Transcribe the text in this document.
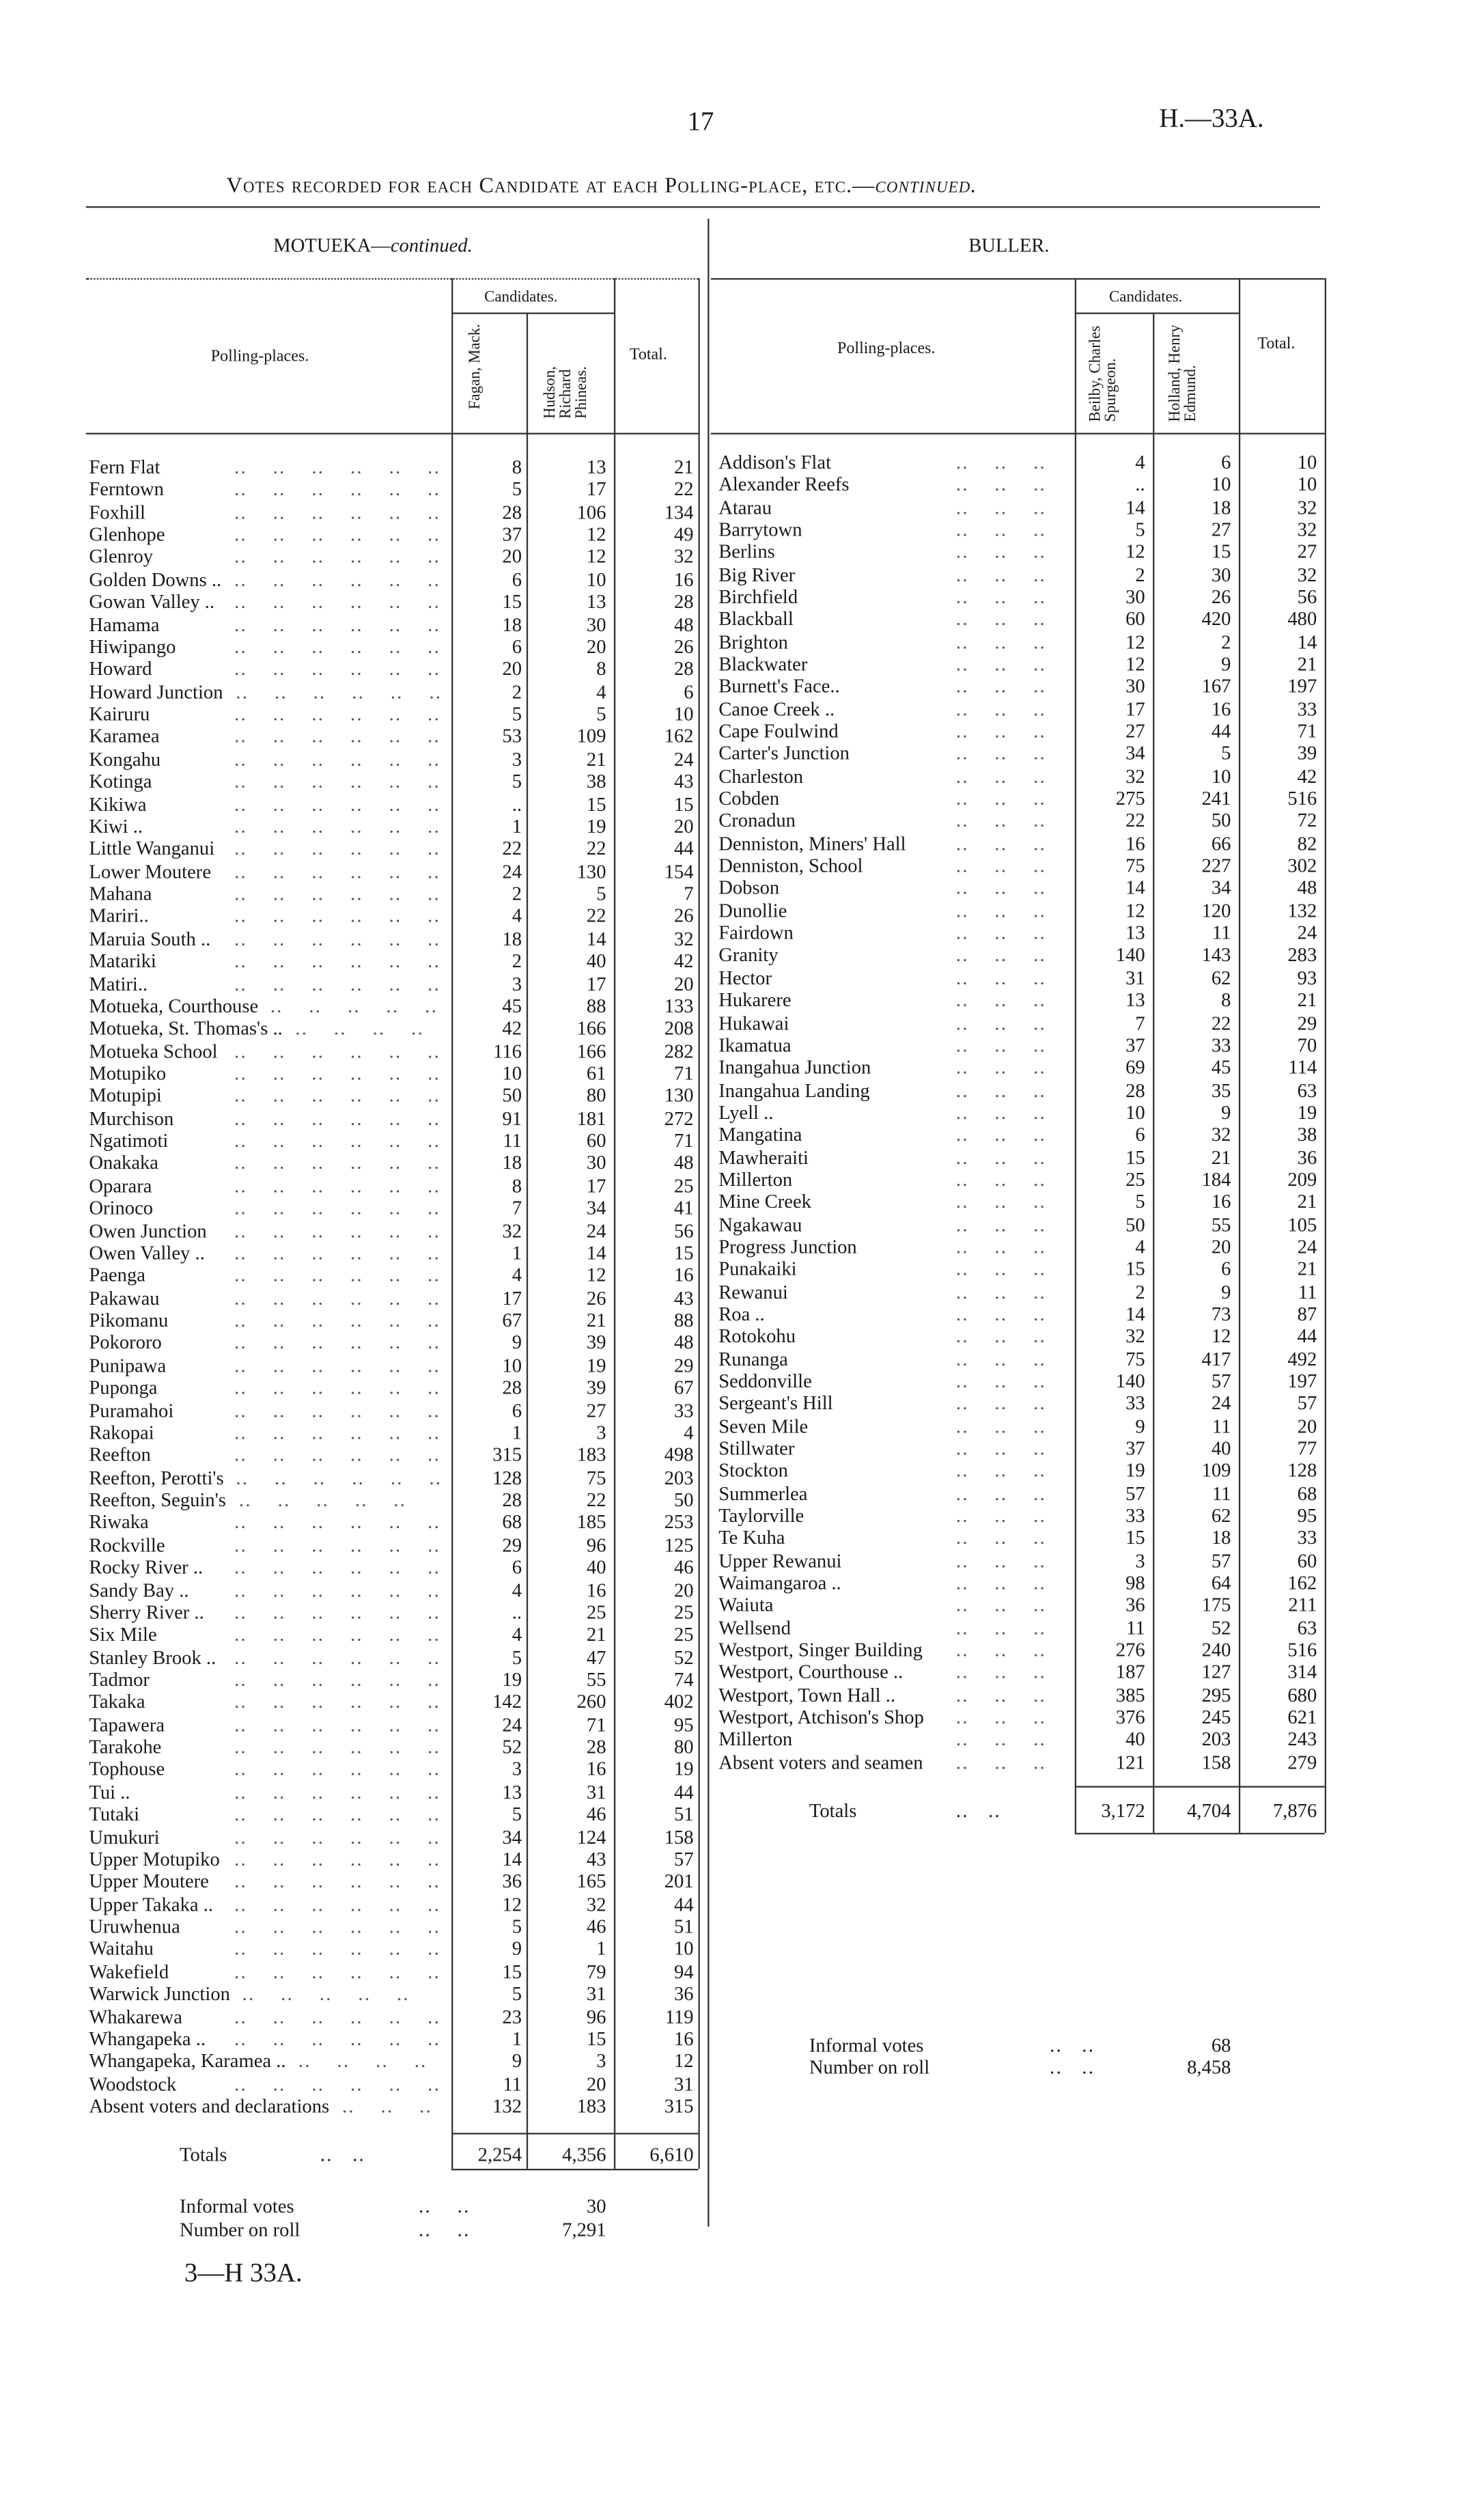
17	H.—33A.
Votes recorded for each Candidate at each Polling-place, etc.—continued.
MOTUEKA—continued.
Polling-places.
Candidates.
Fagan, Mack.	Hudson, Richard Phineas.
Total.
Fern Flat	..    ..    ..    ..    ..    ..	8	13	21
Ferntown	..    ..    ..    ..    ..    ..	5	17	22
Foxhill	..    ..    ..    ..    ..    ..	28	106	134
Glenhope	..    ..    ..    ..    ..    ..	37	12	49
Glenroy	..    ..    ..    ..    ..    ..	20	12	32
Golden Downs .. ..    ..    ..    ..    ..    ..	6	10	16
Gowan Valley .. ..    ..    ..    ..    ..    ..	15	13	28
Hamama	..    ..    ..    ..    ..    ..	18	30	48
Hiwipango	..    ..    ..    ..    ..    ..	6	20	26
Howard	..    ..    ..    ..    ..    ..	20	8	28
Howard Junction ..    ..    ..    ..    ..    ..	2	4	6
Kairuru	..    ..    ..    ..    ..    ..	5	5	10
Karamea	..    ..    ..    ..    ..    ..	53	109	162
Kongahu	..    ..    ..    ..    ..    ..	3	21	24
Kotinga	..    ..    ..    ..    ..    ..	5	38	43
Kikiwa	..    ..    ..    ..    ..    ..	..	15	15
Kiwi ..	..    ..    ..    ..    ..    ..	1	19	20
Little Wanganui ..    ..    ..    ..    ..    ..	22	22	44
Lower Moutere	..    ..    ..    ..    ..    ..	24	130	154
Mahana	..    ..    ..    ..    ..    ..	2	5	7
Mariri..	..    ..    ..    ..    ..    ..	4	22	26
Maruia South ..	..    ..    ..    ..    ..    ..	18	14	32
Matariki	..    ..    ..    ..    ..    ..	2	40	42
Matiri..	..    ..    ..    ..    ..    ..	3	17	20
Motueka, Courthouse ..    ..    ..    ..    ..	45	88	133
Motueka, St. Thomas's .. ..    ..    ..    ..	42	166	208
Motueka School ..    ..    ..    ..    ..    ..	116	166	282
Motupiko	..    ..    ..    ..    ..    ..	10	61	71
Motupipi	..    ..    ..    ..    ..    ..	50	80	130
Murchison	..    ..    ..    ..    ..    ..	91	181	272
Ngatimoti	..    ..    ..    ..    ..    ..	11	60	71
Onakaka	..    ..    ..    ..    ..    ..	18	30	48
Oparara	..    ..    ..    ..    ..    ..	8	17	25
Orinoco	..    ..    ..    ..    ..    ..	7	34	41
Owen Junction	..    ..    ..    ..    ..    ..	32	24	56
Owen Valley ..	..    ..    ..    ..    ..    ..	1	14	15
Paenga	..    ..    ..    ..    ..    ..	4	12	16
Pakawau	..    ..    ..    ..    ..    ..	17	26	43
Pikomanu	..    ..    ..    ..    ..    ..	67	21	88
Pokororo	..    ..    ..    ..    ..    ..	9	39	48
Punipawa	..    ..    ..    ..    ..    ..	10	19	29
Puponga	..    ..    ..    ..    ..    ..	28	39	67
Puramahoi	..    ..    ..    ..    ..    ..	6	27	33
Rakopai	..    ..    ..    ..    ..    ..	1	3	4
Reefton	..    ..    ..    ..    ..    ..	315	183	498
Reefton, Perotti's ..    ..    ..    ..    ..    ..	128	75	203
Reefton, Seguin's ..    ..    ..    ..    ..	28	22	50
Riwaka	..    ..    ..    ..    ..    ..	68	185	253
Rockville	..    ..    ..    ..    ..    ..	29	96	125
Rocky River ..	..    ..    ..    ..    ..    ..	6	40	46
Sandy Bay ..	..    ..    ..    ..    ..    ..	4	16	20
Sherry River ..	..    ..    ..    ..    ..    ..	..	25	25
Six Mile	..    ..    ..    ..    ..    ..	4	21	25
Stanley Brook .. ..    ..    ..    ..    ..    ..	5	47	52
Tadmor	..    ..    ..    ..    ..    ..	19	55	74
Takaka	..    ..    ..    ..    ..    ..	142	260	402
Tapawera	..    ..    ..    ..    ..    ..	24	71	95
Tarakohe	..    ..    ..    ..    ..    ..	52	28	80
Tophouse	..    ..    ..    ..    ..    ..	3	16	19
Tui ..	..    ..    ..    ..    ..    ..	13	31	44
Tutaki	..    ..    ..    ..    ..    ..	5	46	51
Umukuri	..    ..    ..    ..    ..    ..	34	124	158
Upper Motupiko ..    ..    ..    ..    ..    ..	14	43	57
Upper Moutere	..    ..    ..    ..    ..    ..	36	165	201
Upper Takaka .. ..    ..    ..    ..    ..    ..	12	32	44
Uruwhenua	..    ..    ..    ..    ..    ..	5	46	51
Waitahu	..    ..    ..    ..    ..    ..	9	1	10
Wakefield	..    ..    ..    ..    ..    ..	15	79	94
Warwick Junction ..    ..    ..    ..    ..	5	31	36
Whakarewa	..    ..    ..    ..    ..    ..	23	96	119
Whangapeka ..	..    ..    ..    ..    ..    ..	1	15	16
Whangapeka, Karamea .. ..    ..    ..    ..	9	3	12
Woodstock	..    ..    ..    ..    ..    ..	11	20	31
Absent voters and declarations ..    ..    ..	132	183	315
Totals	..   ..	2,254	4,356	6,610
Informal votes	..    ..	30
Number on roll	..    ..	7,291
3—H 33A.
BULLER.
Polling-places.
Candidates.
Beilby, Charles Spurgeon.	Holland, Henry Edmund.
Total.
Addison's Flat	..    ..    ..	4	6	10
Alexander Reefs	..    ..    ..	..	10	10
Atarau	..    ..    ..	14	18	32
Barrytown	..    ..    ..	5	27	32
Berlins	..    ..    ..	12	15	27
Big River	..    ..    ..	2	30	32
Birchfield	..    ..    ..	30	26	56
Blackball	..    ..    ..	60	420	480
Brighton	..    ..    ..	12	2	14
Blackwater	..    ..    ..	12	9	21
Burnett's Face..	..    ..    ..	30	167	197
Canoe Creek ..	..    ..    ..	17	16	33
Cape Foulwind	..    ..    ..	27	44	71
Carter's Junction	..    ..    ..	34	5	39
Charleston	..    ..    ..	32	10	42
Cobden	..    ..    ..	275	241	516
Cronadun	..    ..    ..	22	50	72
Denniston, Miners' Hall	..    ..    ..	16	66	82
Denniston, School	..    ..    ..	75	227	302
Dobson	..    ..    ..	14	34	48
Dunollie	..    ..    ..	12	120	132
Fairdown	..    ..    ..	13	11	24
Granity	..    ..    ..	140	143	283
Hector	..    ..    ..	31	62	93
Hukarere	..    ..    ..	13	8	21
Hukawai	..    ..    ..	7	22	29
Ikamatua	..    ..    ..	37	33	70
Inangahua Junction	..    ..    ..	69	45	114
Inangahua Landing	..    ..    ..	28	35	63
Lyell ..	..    ..    ..	10	9	19
Mangatina	..    ..    ..	6	32	38
Mawheraiti	..    ..    ..	15	21	36
Millerton	..    ..    ..	25	184	209
Mine Creek	..    ..    ..	5	16	21
Ngakawau	..    ..    ..	50	55	105
Progress Junction	..    ..    ..	4	20	24
Punakaiki	..    ..    ..	15	6	21
Rewanui	..    ..    ..	2	9	11
Roa ..	..    ..    ..	14	73	87
Rotokohu	..    ..    ..	32	12	44
Runanga	..    ..    ..	75	417	492
Seddonville	..    ..    ..	140	57	197
Sergeant's Hill	..    ..    ..	33	24	57
Seven Mile	..    ..    ..	9	11	20
Stillwater	..    ..    ..	37	40	77
Stockton	..    ..    ..	19	109	128
Summerlea	..    ..    ..	57	11	68
Taylorville	..    ..    ..	33	62	95
Te Kuha	..    ..    ..	15	18	33
Upper Rewanui	..    ..    ..	3	57	60
Waimangaroa ..	..    ..    ..	98	64	162
Waiuta	..    ..    ..	36	175	211
Wellsend	..    ..    ..	11	52	63
Westport, Singer Building	..    ..    ..	276	240	516
Westport, Courthouse ..	..    ..    ..	187	127	314
Westport, Town Hall ..	..    ..    ..	385	295	680
Westport, Atchison's Shop	..    ..    ..	376	245	621
Millerton	..    ..    ..	40	203	243
Absent voters and seamen	..    ..    ..	121	158	279
Totals	..   ..	3,172	4,704	7,876
Informal votes	..   ..	68
Number on roll	..   ..	8,458
